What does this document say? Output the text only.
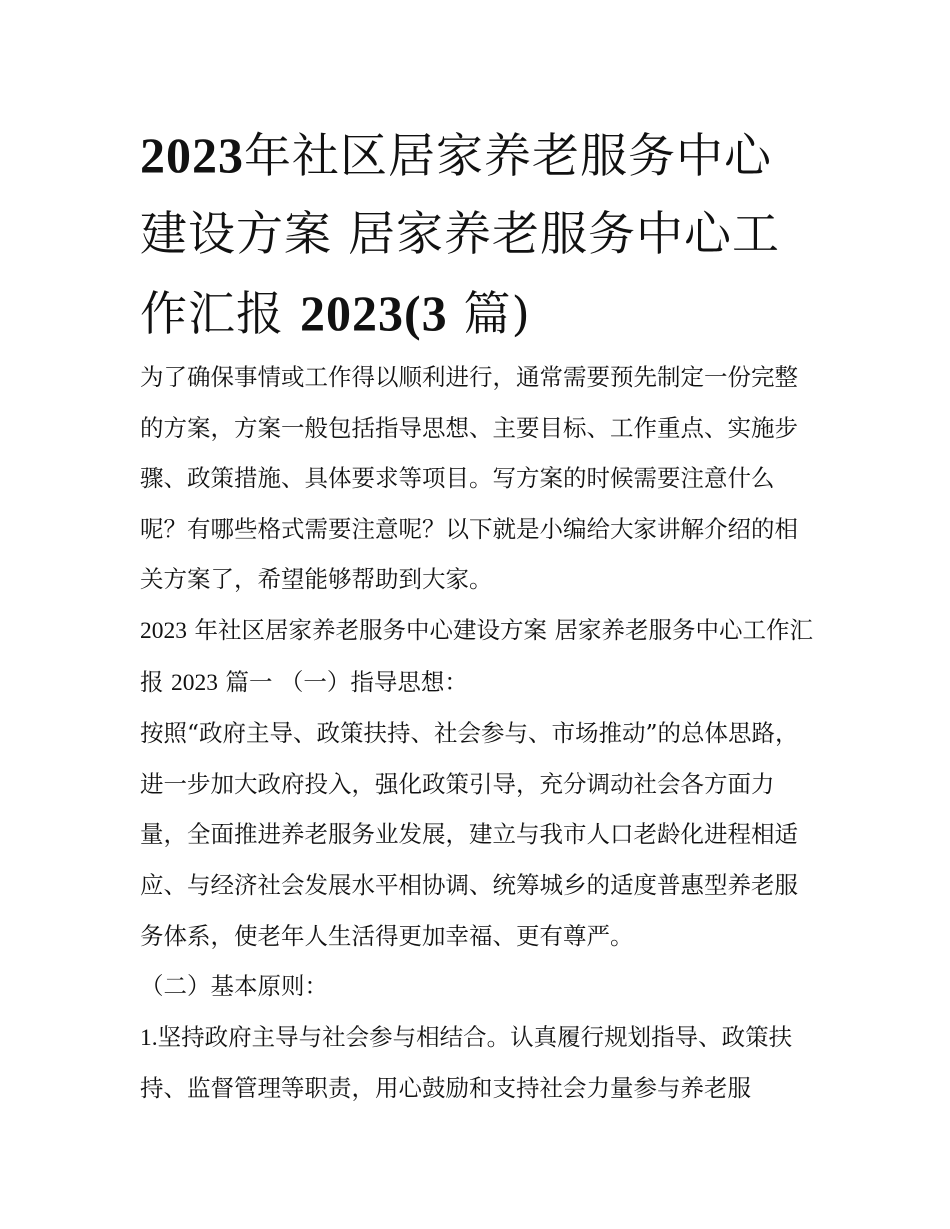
2023年社区居家养老服务中心
建设方案 居家养老服务中心工
作汇报 2023(3 篇)

为了确保事情或工作得以顺利进行，通常需要预先制定一份完整的方案，方案一般包括指导思想、主要目标、工作重点、实施步骤、政策措施、具体要求等项目。写方案的时候需要注意什么呢？有哪些格式需要注意呢？以下就是小编给大家讲解介绍的相关方案了，希望能够帮助到大家。

2023 年社区居家养老服务中心建设方案 居家养老服务中心工作汇报 2023 篇一 （一）指导思想：

按照“政府主导、政策扶持、社会参与、市场推动”的总体思路，进一步加大政府投入，强化政策引导，充分调动社会各方面力量，全面推进养老服务业发展，建立与我市人口老龄化进程相适应、与经济社会发展水平相协调、统筹城乡的适度普惠型养老服务体系，使老年人生活得更加幸福、更有尊严。

（二）基本原则：

1.坚持政府主导与社会参与相结合。认真履行规划指导、政策扶持、监督管理等职责，用心鼓励和支持社会力量参与养老服
